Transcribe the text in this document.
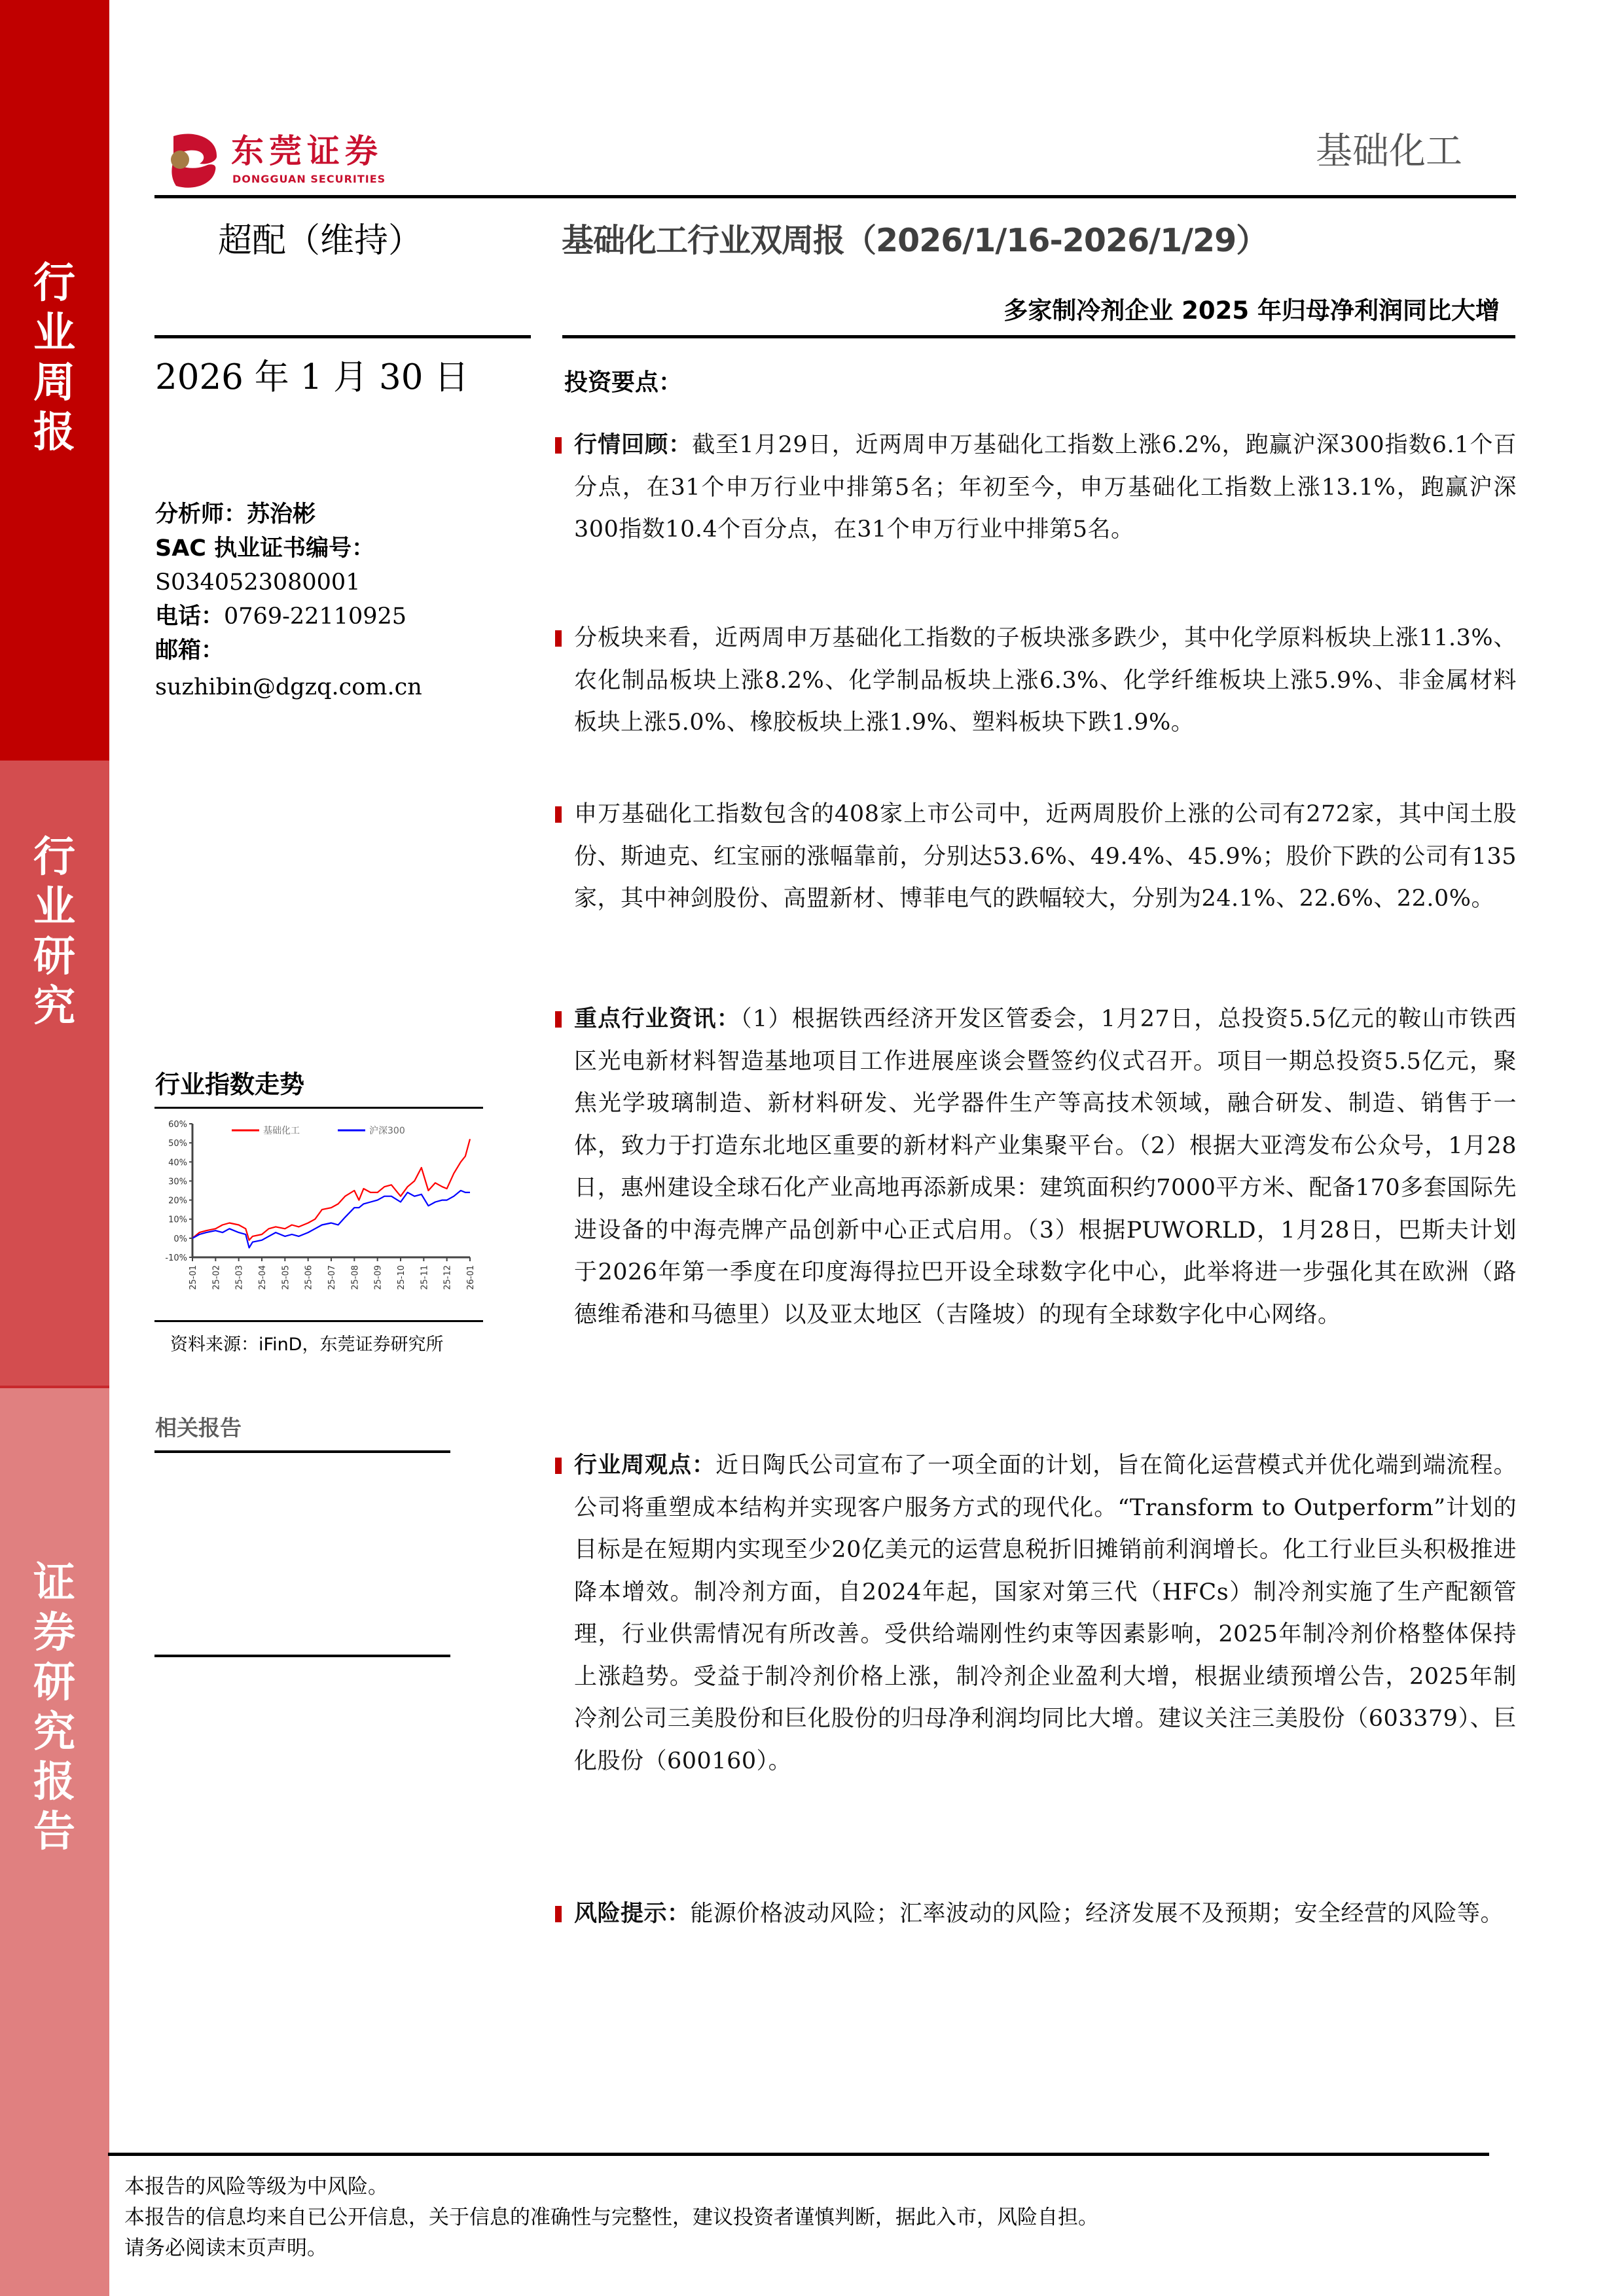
行
业
周
报
行
业
研
究
证
券
研
究
报
告
东莞证券
DONGGUAN SECURITIES
基础化工
超配（维持）	基础化工行业双周报（2026/1/16-2026/1/29）
多家制冷剂企业 2025 年归母净利润同比大增
2026 年 1 月 30 日
分析师：苏治彬
SAC 执业证书编号：
S0340523080001
电话：0769-22110925
邮箱：
suzhibin@dgzq.com.cn
行业指数走势
60%
50%
40%
30%
20%
10%
0%
-10%
25-01 25-02 25-03 25-04 25-05 25-06 25-07 25-08 25-09 25-10 25-11 25-12 26-01
基础化工	沪深300
资料来源：iFinD，东莞证券研究所
相关报告
投资要点：
行情回顾：截至1月29日，近两周申万基础化工指数上涨6.2%，跑赢沪深300指数6.1个百分点，在31个申万行业中排第5名；年初至今，申万基础化工指数上涨13.1%，跑赢沪深300指数10.4个百分点，在31个申万行业中排第5名。
分板块来看，近两周申万基础化工指数的子板块涨多跌少，其中化学原料板块上涨11.3%、农化制品板块上涨8.2%、化学制品板块上涨6.3%、化学纤维板块上涨5.9%、非金属材料板块上涨5.0%、橡胶板块上涨1.9%、塑料板块下跌1.9%。
申万基础化工指数包含的408家上市公司中，近两周股价上涨的公司有272家，其中闰土股份、斯迪克、红宝丽的涨幅靠前，分别达53.6%、49.4%、45.9%；股价下跌的公司有135家，其中神剑股份、高盟新材、博菲电气的跌幅较大，分别为24.1%、22.6%、22.0%。
重点行业资讯：（1）根据铁西经济开发区管委会，1月27日，总投资5.5亿元的鞍山市铁西区光电新材料智造基地项目工作进展座谈会暨签约仪式召开。项目一期总投资5.5亿元，聚焦光学玻璃制造、新材料研发、光学器件生产等高技术领域，融合研发、制造、销售于一体，致力于打造东北地区重要的新材料产业集聚平台。（2）根据大亚湾发布公众号，1月28日，惠州建设全球石化产业高地再添新成果：建筑面积约7000平方米、配备170多套国际先进设备的中海壳牌产品创新中心正式启用。（3）根据PUWORLD，1月28日，巴斯夫计划于2026年第一季度在印度海得拉巴开设全球数字化中心，此举将进一步强化其在欧洲（路德维希港和马德里）以及亚太地区（吉隆坡）的现有全球数字化中心网络。
行业周观点：近日陶氏公司宣布了一项全面的计划，旨在简化运营模式并优化端到端流程。公司将重塑成本结构并实现客户服务方式的现代化。“Transform to Outperform”计划的目标是在短期内实现至少20亿美元的运营息税折旧摊销前利润增长。化工行业巨头积极推进降本增效。制冷剂方面，自2024年起，国家对第三代（HFCs）制冷剂实施了生产配额管理，行业供需情况有所改善。受供给端刚性约束等因素影响，2025年制冷剂价格整体保持上涨趋势。受益于制冷剂价格上涨，制冷剂企业盈利大增，根据业绩预增公告，2025年制冷剂公司三美股份和巨化股份的归母净利润均同比大增。建议关注三美股份（603379）、巨化股份（600160）。
风险提示：能源价格波动风险；汇率波动的风险；经济发展不及预期；安全经营的风险等。
本报告的风险等级为中风险。
本报告的信息均来自已公开信息，关于信息的准确性与完整性，建议投资者谨慎判断，据此入市，风险自担。
请务必阅读末页声明。
